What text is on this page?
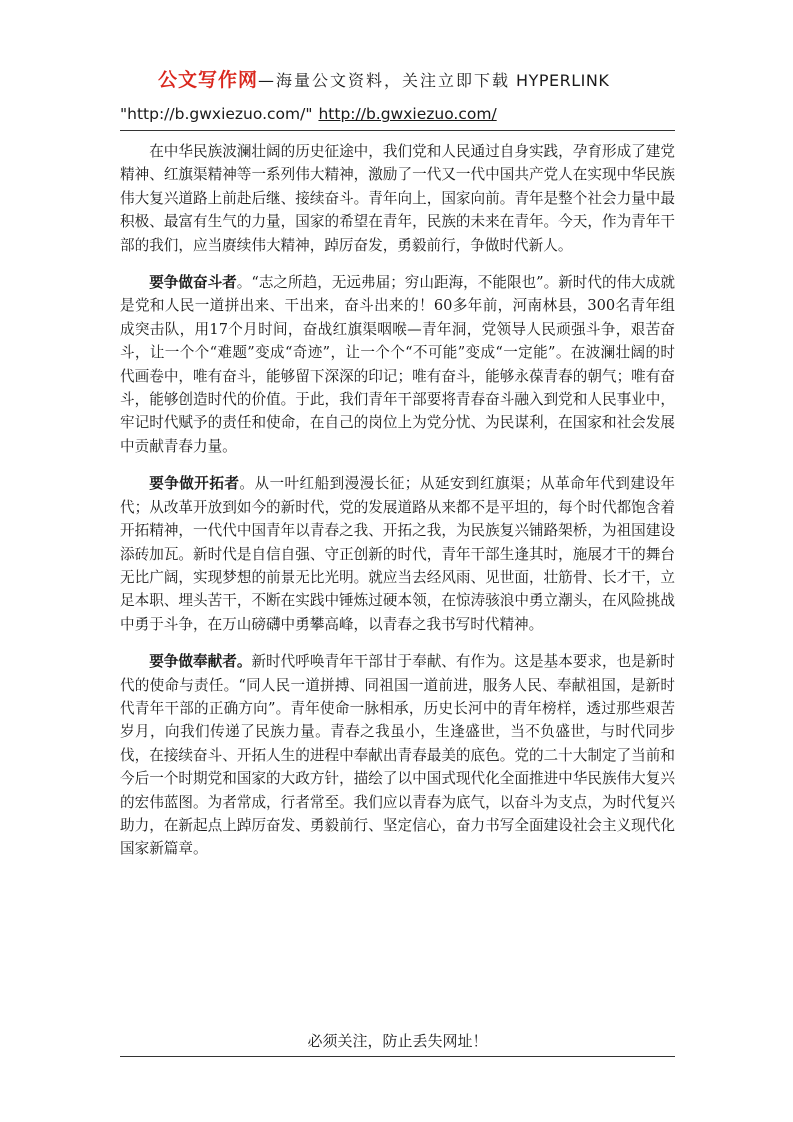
公文写作网—海量公文资料，关注立即下载 HYPERLINK
"http://b.gwxiezuo.com/" http://b.gwxiezuo.com/

在中华民族波澜壮阔的历史征途中，我们党和人民通过自身实践，孕育形成了建党精神、红旗渠精神等一系列伟大精神，激励了一代又一代中国共产党人在实现中华民族伟大复兴道路上前赴后继、接续奋斗。青年向上，国家向前。青年是整个社会力量中最积极、最富有生气的力量，国家的希望在青年，民族的未来在青年。今天，作为青年干部的我们，应当赓续伟大精神，踔厉奋发，勇毅前行，争做时代新人。

要争做奋斗者。“志之所趋，无远弗届；穷山距海，不能限也”。新时代的伟大成就是党和人民一道拼出来、干出来，奋斗出来的！60多年前，河南林县，300名青年组成突击队，用17个月时间，奋战红旗渠咽喉—青年洞，党领导人民顽强斗争，艰苦奋斗，让一个个“难题”变成“奇迹”，让一个个“不可能”变成“一定能”。在波澜壮阔的时代画卷中，唯有奋斗，能够留下深深的印记；唯有奋斗，能够永葆青春的朝气；唯有奋斗，能够创造时代的价值。于此，我们青年干部要将青春奋斗融入到党和人民事业中，牢记时代赋予的责任和使命，在自己的岗位上为党分忧、为民谋利，在国家和社会发展中贡献青春力量。

要争做开拓者。从一叶红船到漫漫长征；从延安到红旗渠；从革命年代到建设年代；从改革开放到如今的新时代，党的发展道路从来都不是平坦的，每个时代都饱含着开拓精神，一代代中国青年以青春之我、开拓之我，为民族复兴铺路架桥，为祖国建设添砖加瓦。新时代是自信自强、守正创新的时代，青年干部生逢其时，施展才干的舞台无比广阔，实现梦想的前景无比光明。就应当去经风雨、见世面，壮筋骨、长才干，立足本职、埋头苦干，不断在实践中锤炼过硬本领，在惊涛骇浪中勇立潮头，在风险挑战中勇于斗争，在万山磅礴中勇攀高峰，以青春之我书写时代精神。

要争做奉献者。新时代呼唤青年干部甘于奉献、有作为。这是基本要求，也是新时代的使命与责任。“同人民一道拼搏、同祖国一道前进，服务人民、奉献祖国，是新时代青年干部的正确方向”。青年使命一脉相承，历史长河中的青年榜样，透过那些艰苦岁月，向我们传递了民族力量。青春之我虽小，生逢盛世，当不负盛世，与时代同步伐，在接续奋斗、开拓人生的进程中奉献出青春最美的底色。党的二十大制定了当前和今后一个时期党和国家的大政方针，描绘了以中国式现代化全面推进中华民族伟大复兴的宏伟蓝图。为者常成，行者常至。我们应以青春为底气，以奋斗为支点，为时代复兴助力，在新起点上踔厉奋发、勇毅前行、坚定信心，奋力书写全面建设社会主义现代化国家新篇章。

必须关注，防止丢失网址！
